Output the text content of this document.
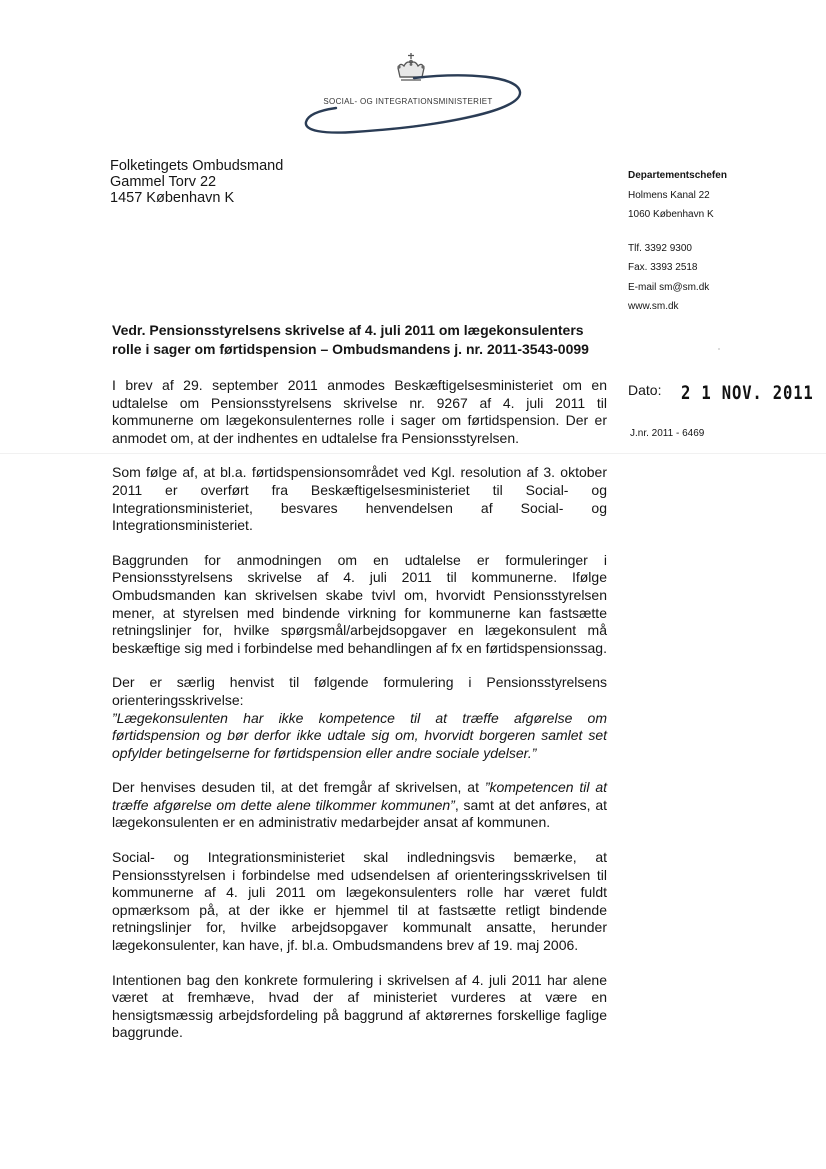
SOCIAL- OG INTEGRATIONSMINISTERIET
Folketingets Ombudsmand
Gammel Torv 22
1457 København K
Departementschefen
Holmens Kanal 22
1060 København K
Tlf. 3392 9300
Fax. 3393 2518
E-mail sm@sm.dk
www.sm.dk
Vedr. Pensionsstyrelsens skrivelse af 4. juli 2011 om lægekonsulenters
rolle i sager om førtidspension – Ombudsmandens j. nr. 2011-3543-0099
Dato: 2 1 NOV. 2011
J.nr. 2011 - 6469

I brev af 29. september 2011 anmodes Beskæftigelsesministeriet om en udtalelse om Pensionsstyrelsens skrivelse nr. 9267 af 4. juli 2011 til kommunerne om lægekonsulenternes rolle i sager om førtidspension. Der er anmodet om, at der indhentes en udtalelse fra Pensionsstyrelsen.

Som følge af, at bl.a. førtidspensionsområdet ved Kgl. resolution af 3. oktober 2011 er overført fra Beskæftigelsesministeriet til Social- og Integrationsministeriet, besvares henvendelsen af Social- og Integrationsministeriet.

Baggrunden for anmodningen om en udtalelse er formuleringer i Pensionsstyrelsens skrivelse af 4. juli 2011 til kommunerne. Ifølge Ombudsmanden kan skrivelsen skabe tvivl om, hvorvidt Pensionsstyrelsen mener, at styrelsen med bindende virkning for kommunerne kan fastsætte retningslinjer for, hvilke spørgsmål/arbejdsopgaver en lægekonsulent må beskæftige sig med i forbindelse med behandlingen af fx en førtidspensionssag.

Der er særlig henvist til følgende formulering i Pensionsstyrelsens orienteringsskrivelse:
”Lægekonsulenten har ikke kompetence til at træffe afgørelse om førtidspension og bør derfor ikke udtale sig om, hvorvidt borgeren samlet set opfylder betingelserne for førtidspension eller andre sociale ydelser.”

Der henvises desuden til, at det fremgår af skrivelsen, at ”kompetencen til at træffe afgørelse om dette alene tilkommer kommunen”, samt at det anføres, at lægekonsulenten er en administrativ medarbejder ansat af kommunen.

Social- og Integrationsministeriet skal indledningsvis bemærke, at Pensionsstyrelsen i forbindelse med udsendelsen af orienteringsskrivelsen til kommunerne af 4. juli 2011 om lægekonsulenters rolle har været fuldt opmærksom på, at der ikke er hjemmel til at fastsætte retligt bindende retningslinjer for, hvilke arbejdsopgaver kommunalt ansatte, herunder lægekonsulenter, kan have, jf. bl.a. Ombudsmandens brev af 19. maj 2006.

Intentionen bag den konkrete formulering i skrivelsen af 4. juli 2011 har alene været at fremhæve, hvad der af ministeriet vurderes at være en hensigtsmæssig arbejdsfordeling på baggrund af aktørernes forskellige faglige baggrunde.
